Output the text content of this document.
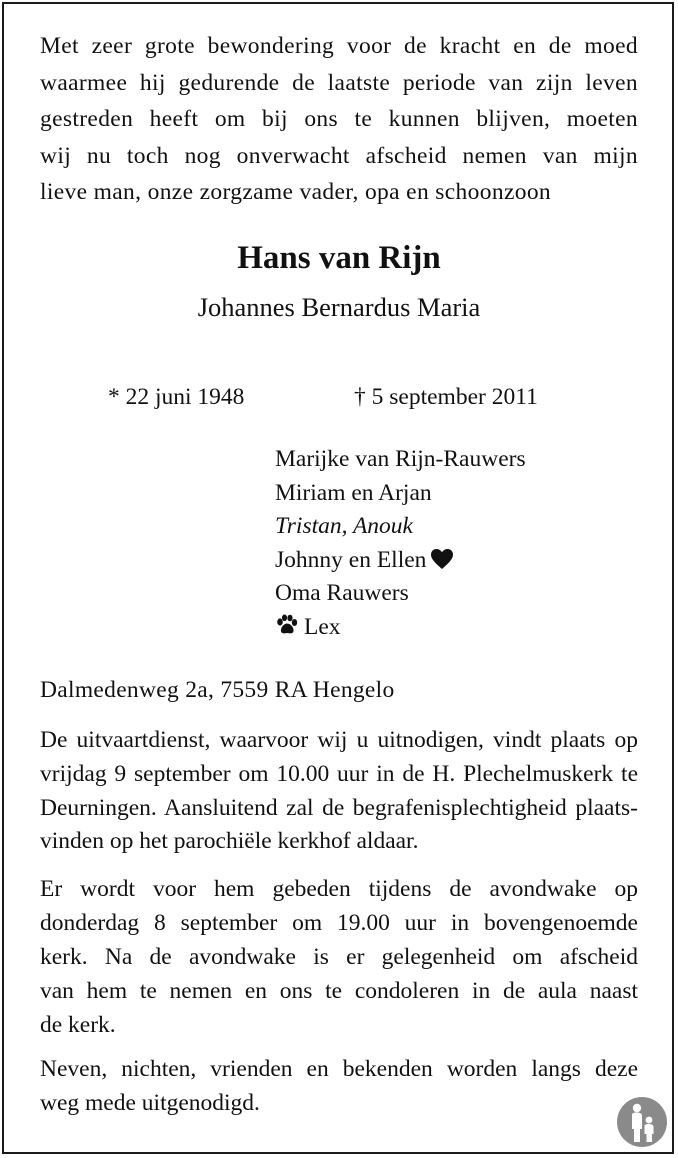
Met zeer grote bewondering voor de kracht en de moed
waarmee hij gedurende de laatste periode van zijn leven
gestreden heeft om bij ons te kunnen blijven, moeten
wij nu toch nog onverwacht afscheid nemen van mijn
lieve man, onze zorgzame vader, opa en schoonzoon
Hans van Rijn
Johannes Bernardus Maria
* 22 juni 1948	† 5 september 2011
Marijke van Rijn-Rauwers
Miriam en Arjan
Tristan, Anouk
Johnny en Ellen
Oma Rauwers
Lex
Dalmedenweg 2a, 7559 RA Hengelo
De uitvaartdienst, waarvoor wij u uitnodigen, vindt plaats op
vrijdag 9 september om 10.00 uur in de H. Plechelmuskerk te
Deurningen. Aansluitend zal de begrafenisplechtigheid plaats-
vinden op het parochiële kerkhof aldaar.
Er wordt voor hem gebeden tijdens de avondwake op
donderdag 8 september om 19.00 uur in bovengenoemde
kerk. Na de avondwake is er gelegenheid om afscheid
van hem te nemen en ons te condoleren in de aula naast
de kerk.
Neven, nichten, vrienden en bekenden worden langs deze
weg mede uitgenodigd.
